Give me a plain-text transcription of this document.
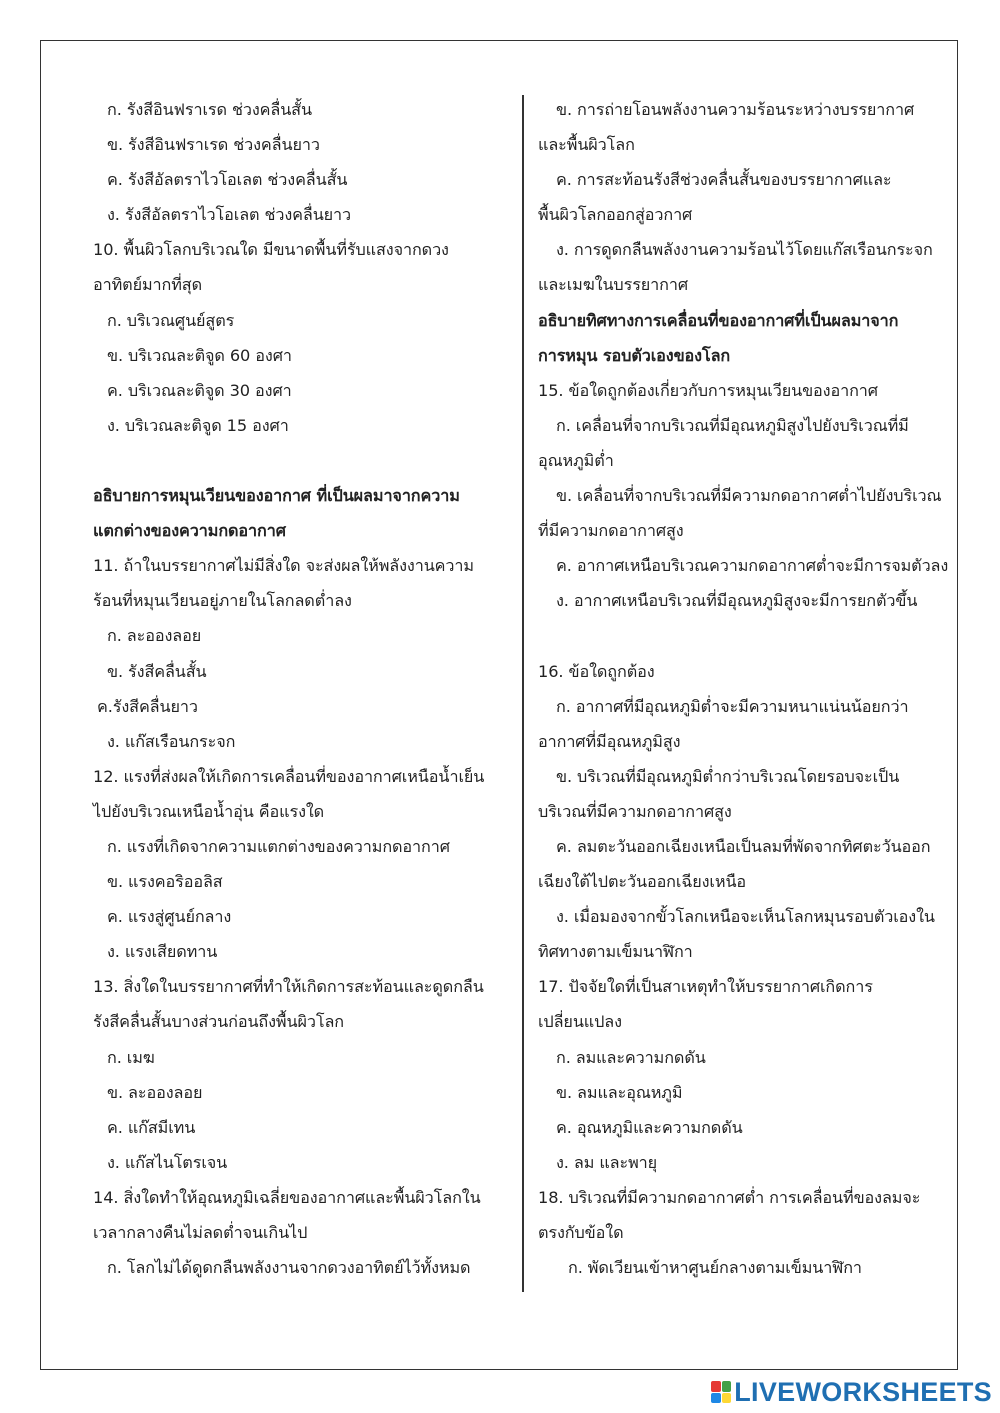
ก. รังสีอินฟราเรด ช่วงคลื่นสั้น
ข. รังสีอินฟราเรด ช่วงคลื่นยาว
ค. รังสีอัลตราไวโอเลต ช่วงคลื่นสั้น
ง. รังสีอัลตราไวโอเลต ช่วงคลื่นยาว
10. พื้นผิวโลกบริเวณใด มีขนาดพื้นที่รับแสงจากดวง
อาทิตย์มากที่สุด
ก. บริเวณศูนย์สูตร
ข. บริเวณละติจูด 60 องศา
ค. บริเวณละติจูด 30 องศา
ง. บริเวณละติจูด 15 องศา
อธิบายการหมุนเวียนของอากาศ ที่เป็นผลมาจากความ
แตกต่างของความกดอากาศ
11. ถ้าในบรรยากาศไม่มีสิ่งใด จะส่งผลให้พลังงานความ
ร้อนที่หมุนเวียนอยู่ภายในโลกลดต่ำลง
ก. ละอองลอย
ข. รังสีคลื่นสั้น
ค.รังสีคลื่นยาว
ง. แก๊สเรือนกระจก
12. แรงที่ส่งผลให้เกิดการเคลื่อนที่ของอากาศเหนือน้ำเย็น
ไปยังบริเวณเหนือน้ำอุ่น คือแรงใด
ก. แรงที่เกิดจากความแตกต่างของความกดอากาศ
ข. แรงคอริออลิส
ค. แรงสู่ศูนย์กลาง
ง. แรงเสียดทาน
13. สิ่งใดในบรรยากาศที่ทำให้เกิดการสะท้อนและดูดกลืน
รังสีคลื่นสั้นบางส่วนก่อนถึงพื้นผิวโลก
ก. เมฆ
ข. ละอองลอย
ค. แก๊สมีเทน
ง. แก๊สไนโตรเจน
14. สิ่งใดทำให้อุณหภูมิเฉลี่ยของอากาศและพื้นผิวโลกใน
เวลากลางคืนไม่ลดต่ำจนเกินไป
ก. โลกไม่ได้ดูดกลืนพลังงานจากดวงอาทิตย์ไว้ทั้งหมด
ข. การถ่ายโอนพลังงานความร้อนระหว่างบรรยากาศ
และพื้นผิวโลก
ค. การสะท้อนรังสีช่วงคลื่นสั้นของบรรยากาศและ
พื้นผิวโลกออกสู่อวกาศ
ง. การดูดกลืนพลังงานความร้อนไว้โดยแก๊สเรือนกระจก
และเมฆในบรรยากาศ
อธิบายทิศทางการเคลื่อนที่ของอากาศที่เป็นผลมาจาก
การหมุน รอบตัวเองของโลก
15. ข้อใดถูกต้องเกี่ยวกับการหมุนเวียนของอากาศ
ก. เคลื่อนที่จากบริเวณที่มีอุณหภูมิสูงไปยังบริเวณที่มี
อุณหภูมิต่ำ
ข. เคลื่อนที่จากบริเวณที่มีความกดอากาศต่ำไปยังบริเวณ
ที่มีความกดอากาศสูง
ค. อากาศเหนือบริเวณความกดอากาศต่ำจะมีการจมตัวลง
ง. อากาศเหนือบริเวณที่มีอุณหภูมิสูงจะมีการยกตัวขึ้น
16. ข้อใดถูกต้อง
ก. อากาศที่มีอุณหภูมิต่ำจะมีความหนาแน่นน้อยกว่า
อากาศที่มีอุณหภูมิสูง
ข. บริเวณที่มีอุณหภูมิต่ำกว่าบริเวณโดยรอบจะเป็น
บริเวณที่มีความกดอากาศสูง
ค. ลมตะวันออกเฉียงเหนือเป็นลมที่พัดจากทิศตะวันออก
เฉียงใต้ไปตะวันออกเฉียงเหนือ
ง. เมื่อมองจากขั้วโลกเหนือจะเห็นโลกหมุนรอบตัวเองใน
ทิศทางตามเข็มนาฬิกา
17. ปัจจัยใดที่เป็นสาเหตุทำให้บรรยากาศเกิดการ
เปลี่ยนแปลง
ก. ลมและความกดดัน
ข. ลมและอุณหภูมิ
ค. อุณหภูมิและความกดดัน
ง. ลม และพายุ
18. บริเวณที่มีความกดอากาศต่ำ การเคลื่อนที่ของลมจะ
ตรงกับข้อใด
ก. พัดเวียนเข้าหาศูนย์กลางตามเข็มนาฬิกา
LIVEWORKSHEETS
